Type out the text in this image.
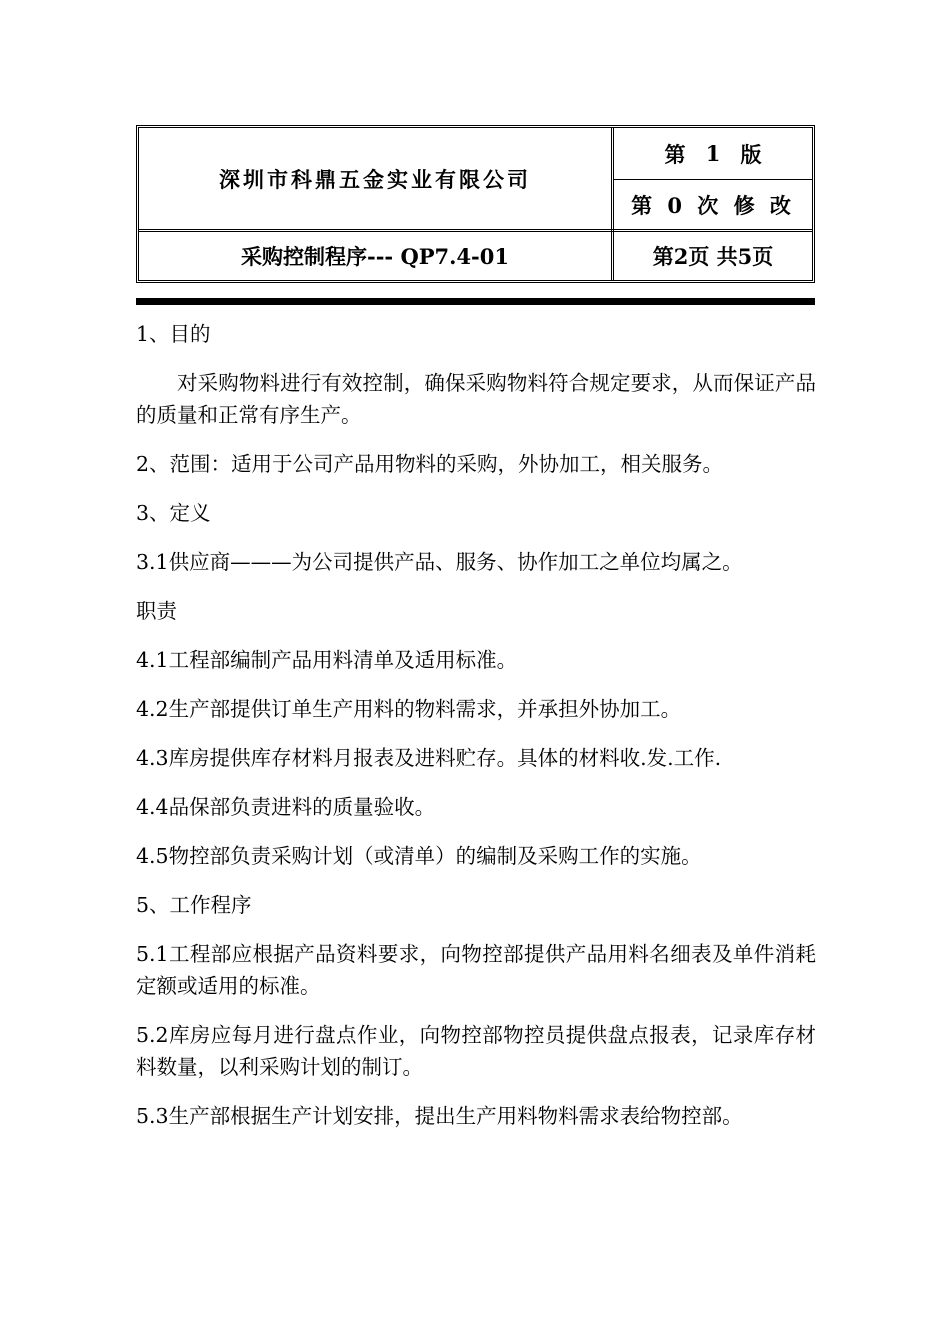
深圳市科鼎五金实业有限公司
第 1 版
第 0 次 修 改
采购控制程序--- QP7.4-01	第2页 共5页

1、目的

对采购物料进行有效控制，确保采购物料符合规定要求，从而保证产品的质量和正常有序生产。

2、范围：适用于公司产品用物料的采购，外协加工，相关服务。

3、定义

3.1供应商———为公司提供产品、服务、协作加工之单位均属之。

职责

4.1工程部编制产品用料清单及适用标准。

4.2生产部提供订单生产用料的物料需求，并承担外协加工。

4.3库房提供库存材料月报表及进料贮存。具体的材料收.发.工作.

4.4品保部负责进料的质量验收。

4.5物控部负责采购计划（或清单）的编制及采购工作的实施。

5、工作程序

5.1工程部应根据产品资料要求，向物控部提供产品用料名细表及单件消耗定额或适用的标准。

5.2库房应每月进行盘点作业，向物控部物控员提供盘点报表，记录库存材料数量，以利采购计划的制订。

5.3生产部根据生产计划安排，提出生产用料物料需求表给物控部。
